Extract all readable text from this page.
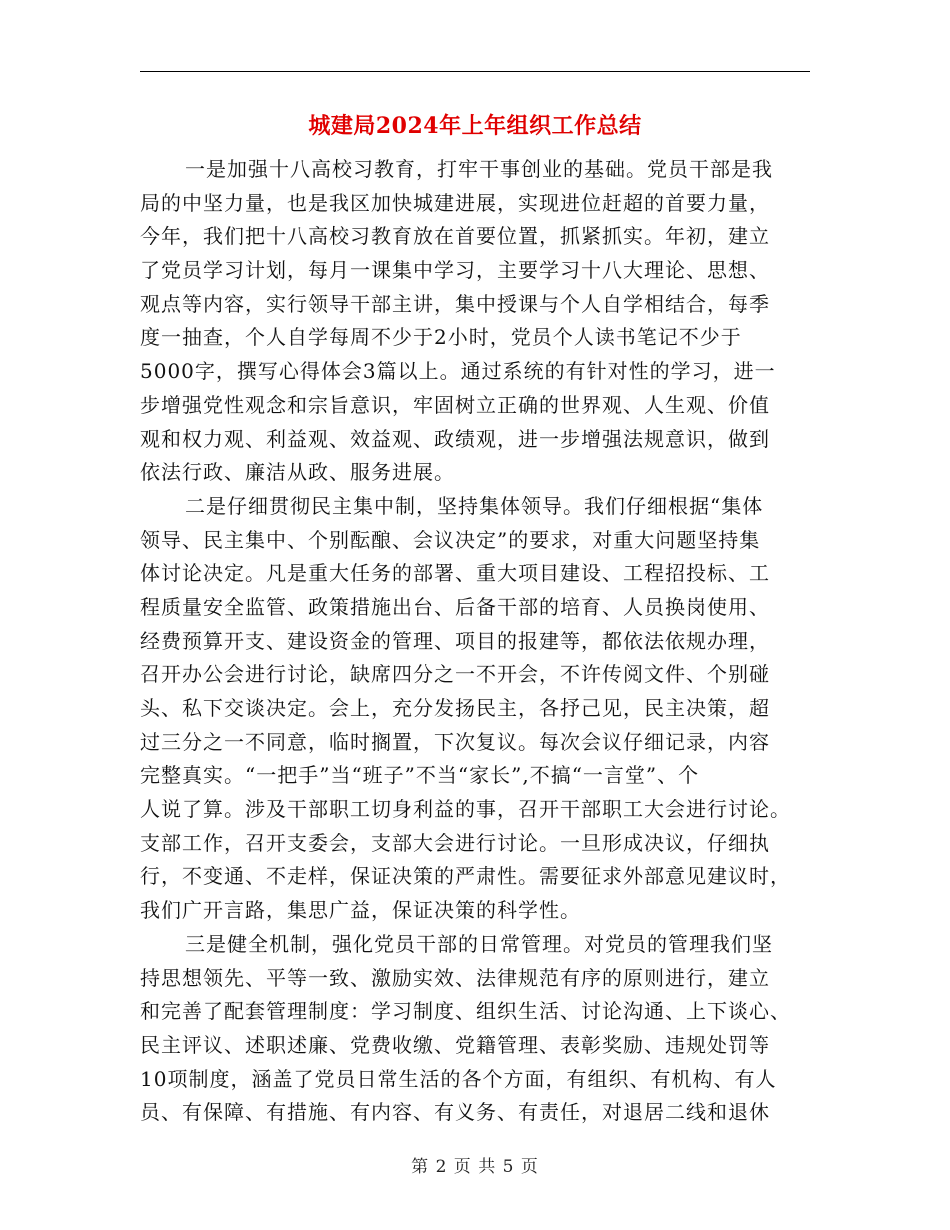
城建局2024年上年组织工作总结
一是加强十八高校习教育，打牢干事创业的基础。党员干部是我
局的中坚力量，也是我区加快城建进展，实现进位赶超的首要力量，
今年，我们把十八高校习教育放在首要位置，抓紧抓实。年初，建立
了党员学习计划，每月一课集中学习，主要学习十八大理论、思想、
观点等内容，实行领导干部主讲，集中授课与个人自学相结合，每季
度一抽查，个人自学每周不少于2小时，党员个人读书笔记不少于
5000字，撰写心得体会3篇以上。通过系统的有针对性的学习，进一
步增强党性观念和宗旨意识，牢固树立正确的世界观、人生观、价值
观和权力观、利益观、效益观、政绩观，进一步增强法规意识，做到
依法行政、廉洁从政、服务进展。
二是仔细贯彻民主集中制，坚持集体领导。我们仔细根据“集体
领导、民主集中、个别酝酿、会议决定”的要求，对重大问题坚持集
体讨论决定。凡是重大任务的部署、重大项目建设、工程招投标、工
程质量安全监管、政策措施出台、后备干部的培育、人员换岗使用、
经费预算开支、建设资金的管理、项目的报建等，都依法依规办理，
召开办公会进行讨论，缺席四分之一不开会，不许传阅文件、个别碰
头、私下交谈决定。会上，充分发扬民主，各抒己见，民主决策，超
过三分之一不同意，临时搁置，下次复议。每次会议仔细记录，内容
完整真实。“一把手”当“班子”不当“家长”,不搞“一言堂”、个
人说了算。涉及干部职工切身利益的事，召开干部职工大会进行讨论。
支部工作，召开支委会，支部大会进行讨论。一旦形成决议，仔细执
行，不变通、不走样，保证决策的严肃性。需要征求外部意见建议时，
我们广开言路，集思广益，保证决策的科学性。
三是健全机制，强化党员干部的日常管理。对党员的管理我们坚
持思想领先、平等一致、激励实效、法律规范有序的原则进行，建立
和完善了配套管理制度：学习制度、组织生活、讨论沟通、上下谈心、
民主评议、述职述廉、党费收缴、党籍管理、表彰奖励、违规处罚等
10项制度，涵盖了党员日常生活的各个方面，有组织、有机构、有人
员、有保障、有措施、有内容、有义务、有责任，对退居二线和退休
第 2 页 共 5 页
